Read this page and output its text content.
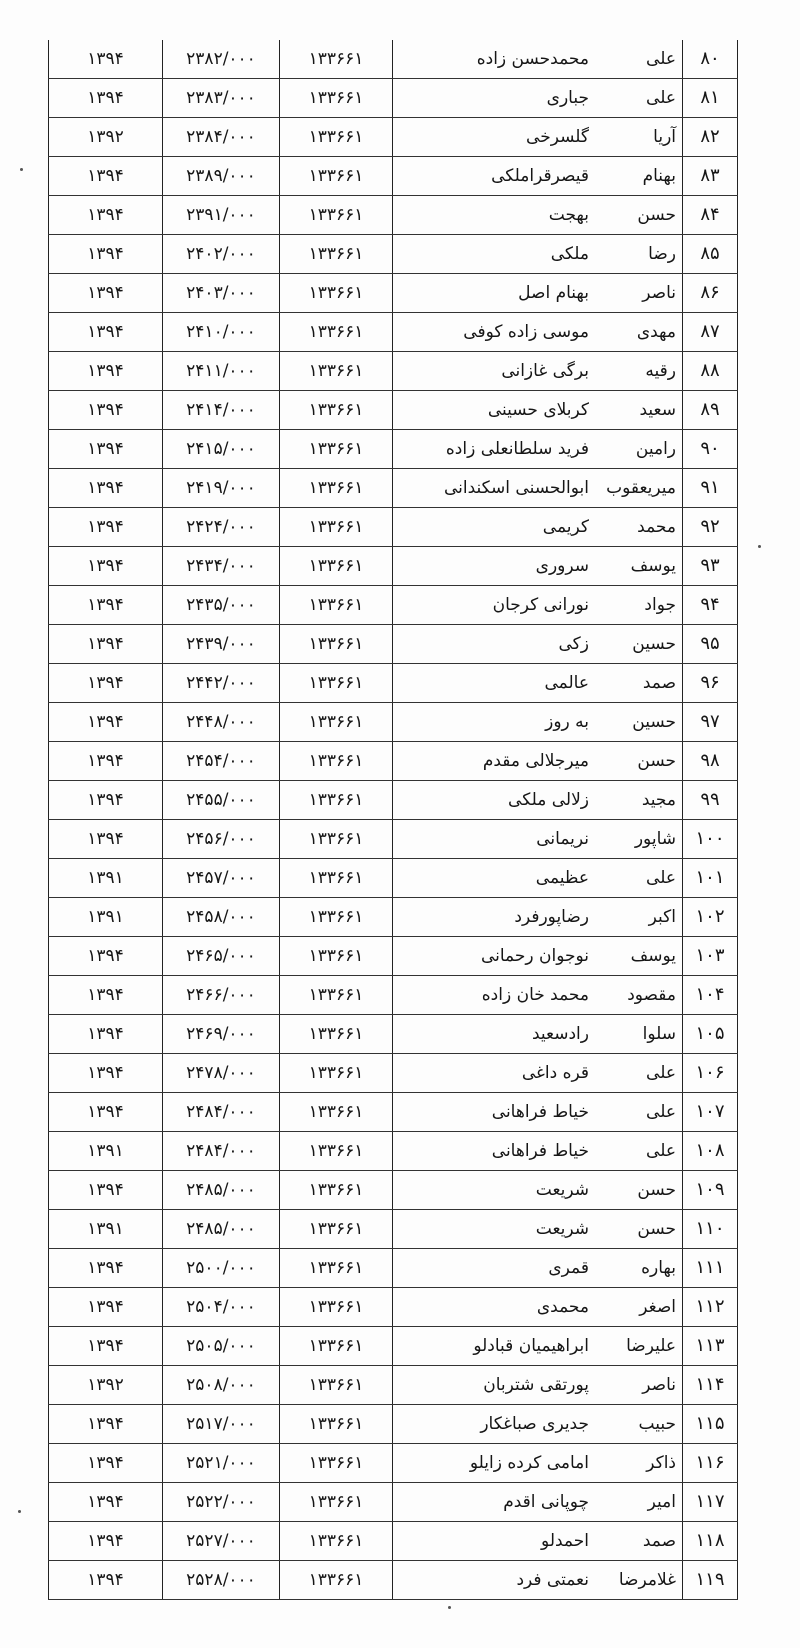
۸۰	علی	محمدحسن زاده	۱۳۳۶۶۱	۲۳۸۲/۰۰۰	۱۳۹۴
۸۱	علی	جباری	۱۳۳۶۶۱	۲۳۸۳/۰۰۰	۱۳۹۴
۸۲	آریا	گلسرخی	۱۳۳۶۶۱	۲۳۸۴/۰۰۰	۱۳۹۲
۸۳	بهنام	قیصرقراملکی	۱۳۳۶۶۱	۲۳۸۹/۰۰۰	۱۳۹۴
۸۴	حسن	بهجت	۱۳۳۶۶۱	۲۳۹۱/۰۰۰	۱۳۹۴
۸۵	رضا	ملکی	۱۳۳۶۶۱	۲۴۰۲/۰۰۰	۱۳۹۴
۸۶	ناصر	بهنام اصل	۱۳۳۶۶۱	۲۴۰۳/۰۰۰	۱۳۹۴
۸۷	مهدی	موسی زاده کوفی	۱۳۳۶۶۱	۲۴۱۰/۰۰۰	۱۳۹۴
۸۸	رقیه	برگی غازانی	۱۳۳۶۶۱	۲۴۱۱/۰۰۰	۱۳۹۴
۸۹	سعید	کربلای حسینی	۱۳۳۶۶۱	۲۴۱۴/۰۰۰	۱۳۹۴
۹۰	رامین	فرید سلطانعلی زاده	۱۳۳۶۶۱	۲۴۱۵/۰۰۰	۱۳۹۴
۹۱	میریعقوب	ابوالحسنی اسکندانی	۱۳۳۶۶۱	۲۴۱۹/۰۰۰	۱۳۹۴
۹۲	محمد	کریمی	۱۳۳۶۶۱	۲۴۲۴/۰۰۰	۱۳۹۴
۹۳	یوسف	سروری	۱۳۳۶۶۱	۲۴۳۴/۰۰۰	۱۳۹۴
۹۴	جواد	نورانی کرجان	۱۳۳۶۶۱	۲۴۳۵/۰۰۰	۱۳۹۴
۹۵	حسین	زکی	۱۳۳۶۶۱	۲۴۳۹/۰۰۰	۱۳۹۴
۹۶	صمد	عالمی	۱۳۳۶۶۱	۲۴۴۲/۰۰۰	۱۳۹۴
۹۷	حسین	به روز	۱۳۳۶۶۱	۲۴۴۸/۰۰۰	۱۳۹۴
۹۸	حسن	میرجلالی مقدم	۱۳۳۶۶۱	۲۴۵۴/۰۰۰	۱۳۹۴
۹۹	مجید	زلالی ملکی	۱۳۳۶۶۱	۲۴۵۵/۰۰۰	۱۳۹۴
۱۰۰	شاپور	نریمانی	۱۳۳۶۶۱	۲۴۵۶/۰۰۰	۱۳۹۴
۱۰۱	علی	عظیمی	۱۳۳۶۶۱	۲۴۵۷/۰۰۰	۱۳۹۱
۱۰۲	اکبر	رضاپورفرد	۱۳۳۶۶۱	۲۴۵۸/۰۰۰	۱۳۹۱
۱۰۳	یوسف	نوجوان رحمانی	۱۳۳۶۶۱	۲۴۶۵/۰۰۰	۱۳۹۴
۱۰۴	مقصود	محمد خان زاده	۱۳۳۶۶۱	۲۴۶۶/۰۰۰	۱۳۹۴
۱۰۵	سلوا	رادسعید	۱۳۳۶۶۱	۲۴۶۹/۰۰۰	۱۳۹۴
۱۰۶	علی	قره داغی	۱۳۳۶۶۱	۲۴۷۸/۰۰۰	۱۳۹۴
۱۰۷	علی	خیاط فراهانی	۱۳۳۶۶۱	۲۴۸۴/۰۰۰	۱۳۹۴
۱۰۸	علی	خیاط فراهانی	۱۳۳۶۶۱	۲۴۸۴/۰۰۰	۱۳۹۱
۱۰۹	حسن	شریعت	۱۳۳۶۶۱	۲۴۸۵/۰۰۰	۱۳۹۴
۱۱۰	حسن	شریعت	۱۳۳۶۶۱	۲۴۸۵/۰۰۰	۱۳۹۱
۱۱۱	بهاره	قمری	۱۳۳۶۶۱	۲۵۰۰/۰۰۰	۱۳۹۴
۱۱۲	اصغر	محمدی	۱۳۳۶۶۱	۲۵۰۴/۰۰۰	۱۳۹۴
۱۱۳	علیرضا	ابراهیمیان قبادلو	۱۳۳۶۶۱	۲۵۰۵/۰۰۰	۱۳۹۴
۱۱۴	ناصر	پورتقی شتربان	۱۳۳۶۶۱	۲۵۰۸/۰۰۰	۱۳۹۲
۱۱۵	حبیب	جدیری صباغکار	۱۳۳۶۶۱	۲۵۱۷/۰۰۰	۱۳۹۴
۱۱۶	ذاکر	امامی کرده زایلو	۱۳۳۶۶۱	۲۵۲۱/۰۰۰	۱۳۹۴
۱۱۷	امیر	چوپانی اقدم	۱۳۳۶۶۱	۲۵۲۲/۰۰۰	۱۳۹۴
۱۱۸	صمد	احمدلو	۱۳۳۶۶۱	۲۵۲۷/۰۰۰	۱۳۹۴
۱۱۹	غلامرضا	نعمتی فرد	۱۳۳۶۶۱	۲۵۲۸/۰۰۰	۱۳۹۴
